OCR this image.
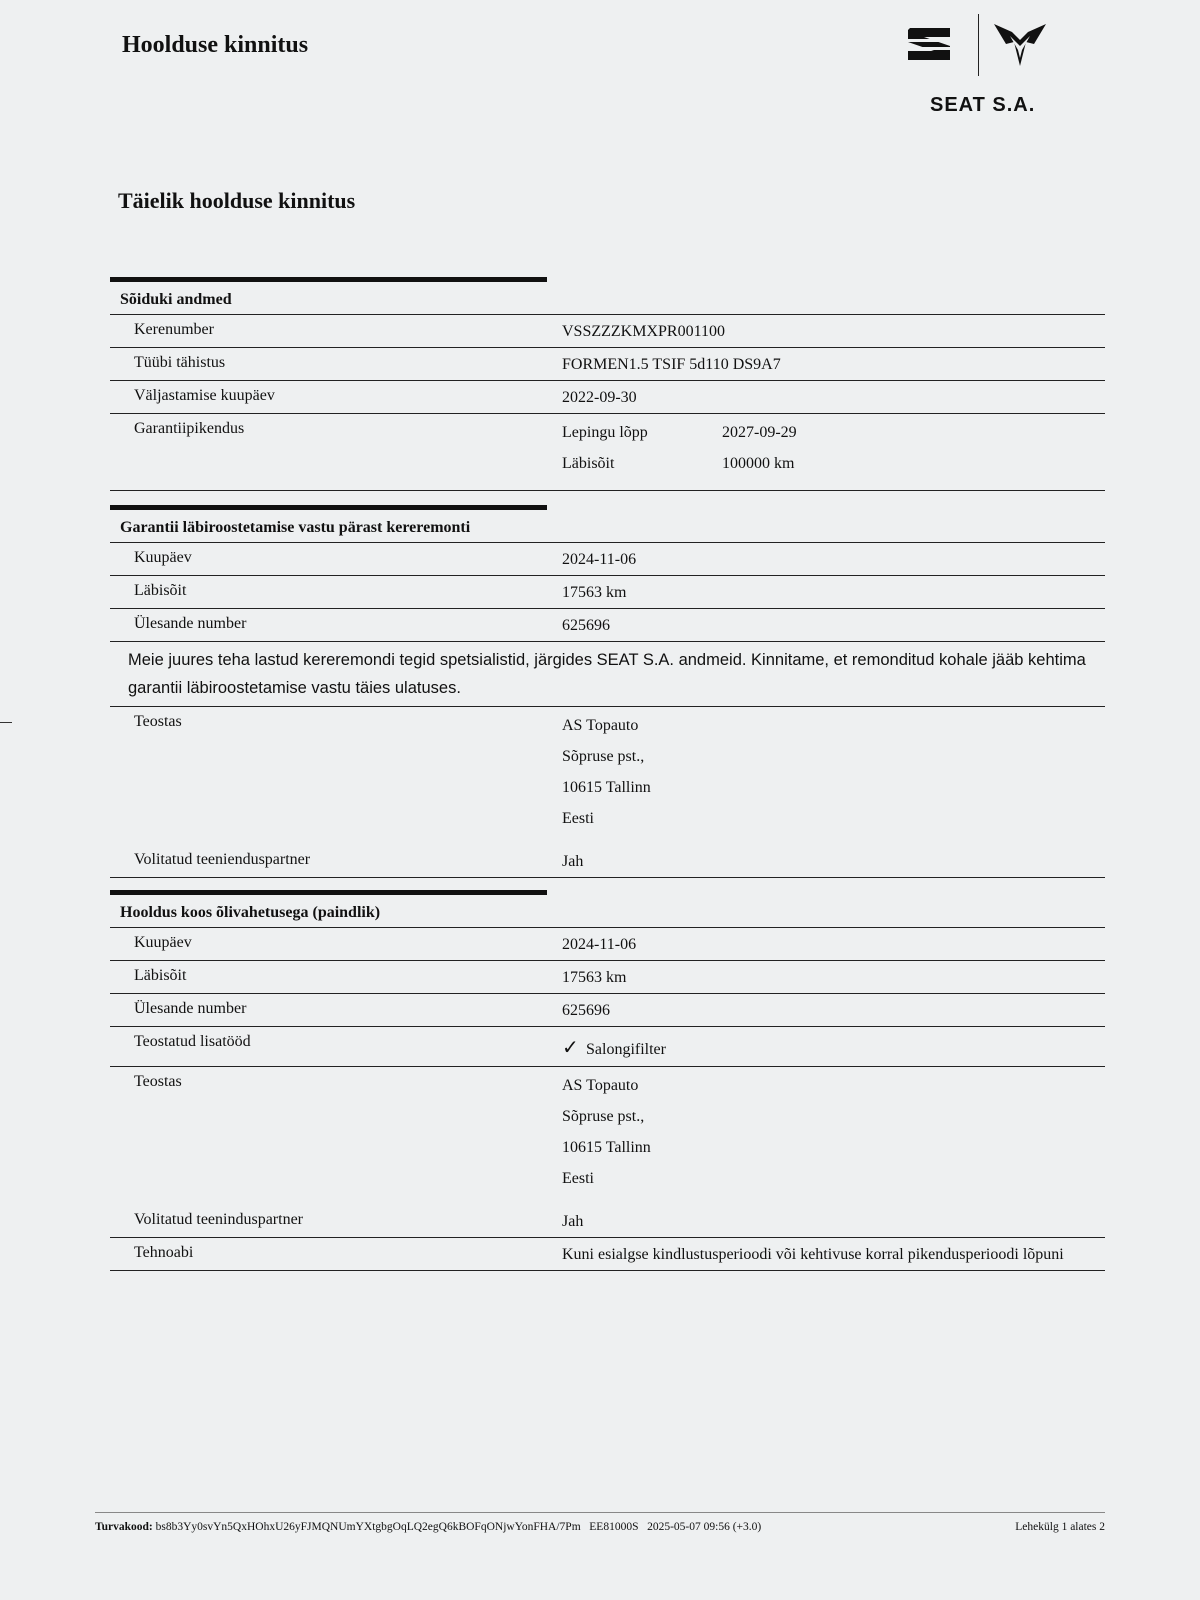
Hoolduse kinnitus
SEAT S.A.
Täielik hoolduse kinnitus
Sõiduki andmed
Kerenumber	VSSZZZKMXPR001100
Tüübi tähistus	FORMEN1.5 TSIF 5d110 DS9A7
Väljastamise kuupäev	2022-09-30
Garantiipikendus	Lepingu lõpp	2027-09-29
Läbisõit	100000 km
Garantii läbiroostetamise vastu pärast kereremonti
Kuupäev	2024-11-06
Läbisõit	17563 km
Ülesande number	625696
Meie juures teha lastud kereremondi tegid spetsialistid, järgides SEAT S.A. andmeid. Kinnitame, et remonditud kohale jääb kehtima garantii läbiroostetamise vastu täies ulatuses.
Teostas	AS Topauto
Sõpruse pst.,
10615 Tallinn
Eesti
Volitatud teenienduspartner	Jah
Hooldus koos õlivahetusega (paindlik)
Kuupäev	2024-11-06
Läbisõit	17563 km
Ülesande number	625696
Teostatud lisatööd	✓ Salongifilter
Teostas	AS Topauto
Sõpruse pst.,
10615 Tallinn
Eesti
Volitatud teeninduspartner	Jah
Tehnoabi	Kuni esialgse kindlustusperioodi või kehtivuse korral pikendusperioodi lõpuni
Turvakood: bs8b3Yy0svYn5QxHOhxU26yFJMQNUmYXtgbgOqLQ2egQ6kBOFqONjwYonFHA/7Pm EE81000S 2025-05-07 09:56 (+3.0)	Lehekülg 1 alates 2
